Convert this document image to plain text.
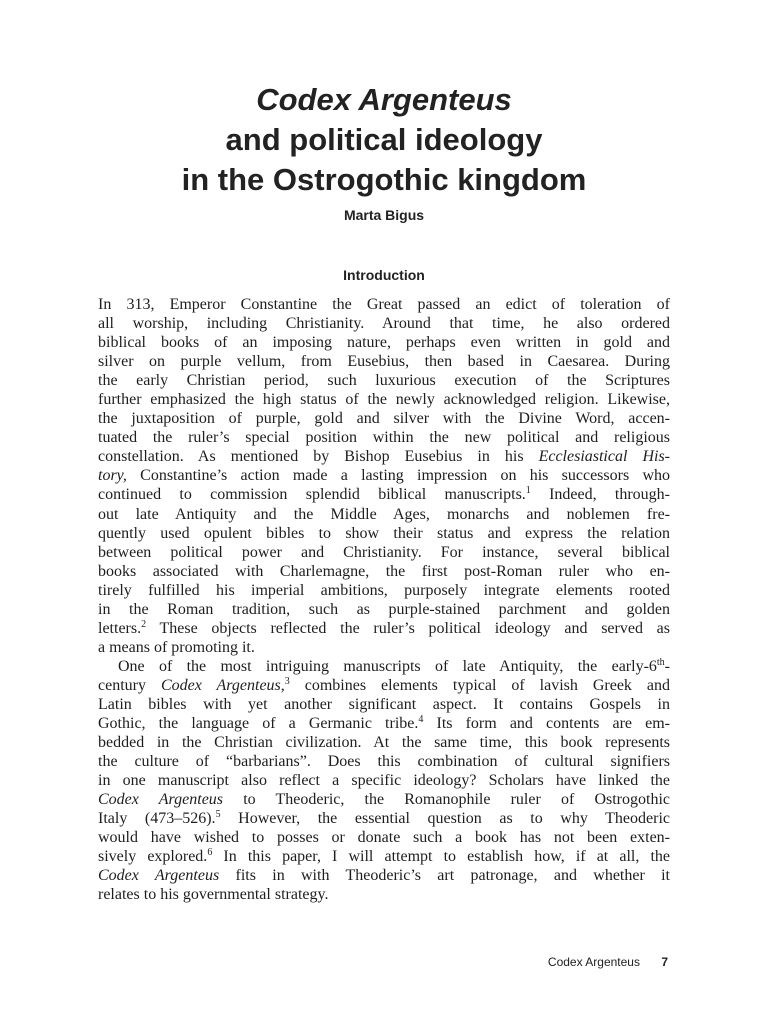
Codex Argenteus
and political ideology
in the Ostrogothic kingdom
Marta Bigus
Introduction
In 313, Emperor Constantine the Great passed an edict of toleration of
all worship, including Christianity. Around that time, he also ordered
biblical books of an imposing nature, perhaps even written in gold and
silver on purple vellum, from Eusebius, then based in Caesarea. During
the early Christian period, such luxurious execution of the Scriptures
further emphasized the high status of the newly acknowledged religion. Likewise,
the juxtaposition of purple, gold and silver with the Divine Word, accen-
tuated the ruler’s special position within the new political and religious
constellation. As mentioned by Bishop Eusebius in his Ecclesiastical His-
tory, Constantine’s action made a lasting impression on his successors who
continued to commission splendid biblical manuscripts.$^1$ Indeed, through-
out late Antiquity and the Middle Ages, monarchs and noblemen fre-
quently used opulent bibles to show their status and express the relation
between political power and Christianity. For instance, several biblical
books associated with Charlemagne, the first post-Roman ruler who en-
tirely fulfilled his imperial ambitions, purposely integrate elements rooted
in the Roman tradition, such as purple-stained parchment and golden
letters.$^2$ These objects reflected the ruler’s political ideology and served as
a means of promoting it.
One of the most intriguing manuscripts of late Antiquity, the early-6th-
century Codex Argenteus,$^3$ combines elements typical of lavish Greek and
Latin bibles with yet another significant aspect. It contains Gospels in
Gothic, the language of a Germanic tribe.$^4$ Its form and contents are em-
bedded in the Christian civilization. At the same time, this book represents
the culture of “barbarians”. Does this combination of cultural signifiers
in one manuscript also reflect a specific ideology? Scholars have linked the
Codex Argenteus to Theoderic, the Romanophile ruler of Ostrogothic
Italy (473–526).$^5$ However, the essential question as to why Theoderic
would have wished to posses or donate such a book has not been exten-
sively explored.$^6$ In this paper, I will attempt to establish how, if at all, the
Codex Argenteus fits in with Theoderic’s art patronage, and whether it
relates to his governmental strategy.
Codex Argenteus 7
